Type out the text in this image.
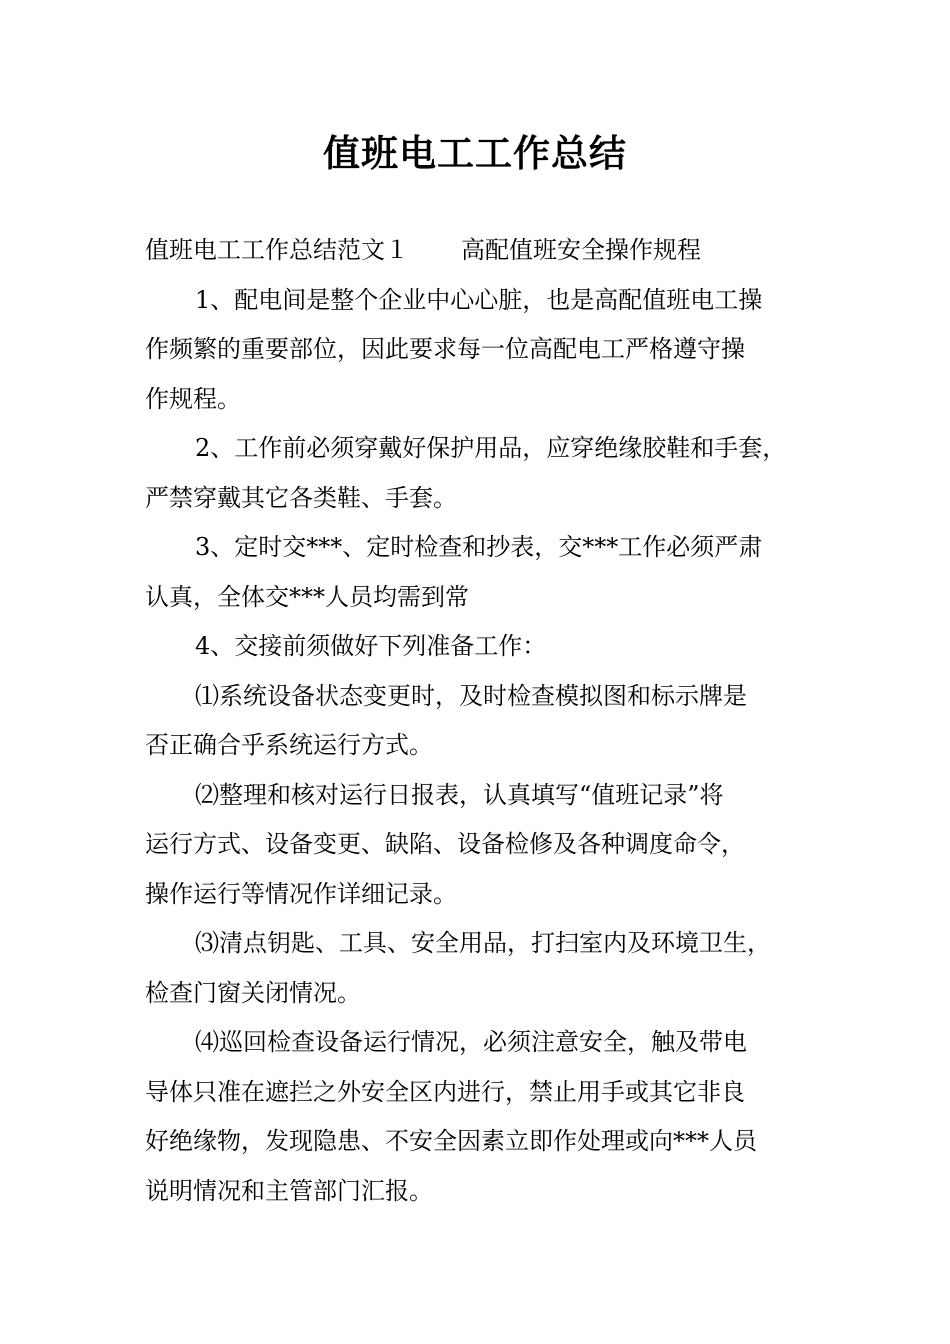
值班电工工作总结

值班电工工作总结范文１ 高配值班安全操作规程

1、配电间是整个企业中心心脏，也是高配值班电工操

作频繁的重要部位，因此要求每一位高配电工严格遵守操

作规程。

2、工作前必须穿戴好保护用品，应穿绝缘胶鞋和手套，

严禁穿戴其它各类鞋、手套。

3、定时交***、定时检查和抄表，交***工作必须严肃

认真，全体交***人员均需到常

4、交接前须做好下列准备工作：

⑴系统设备状态变更时，及时检查模拟图和标示牌是

否正确合乎系统运行方式。

⑵整理和核对运行日报表，认真填写“值班记录”将

运行方式、设备变更、缺陷、设备检修及各种调度命令，

操作运行等情况作详细记录。

⑶清点钥匙、工具、安全用品，打扫室内及环境卫生，

检查门窗关闭情况。

⑷巡回检查设备运行情况，必须注意安全，触及带电

导体只准在遮拦之外安全区内进行，禁止用手或其它非良

好绝缘物，发现隐患、不安全因素立即作处理或向***人员

说明情况和主管部门汇报。
